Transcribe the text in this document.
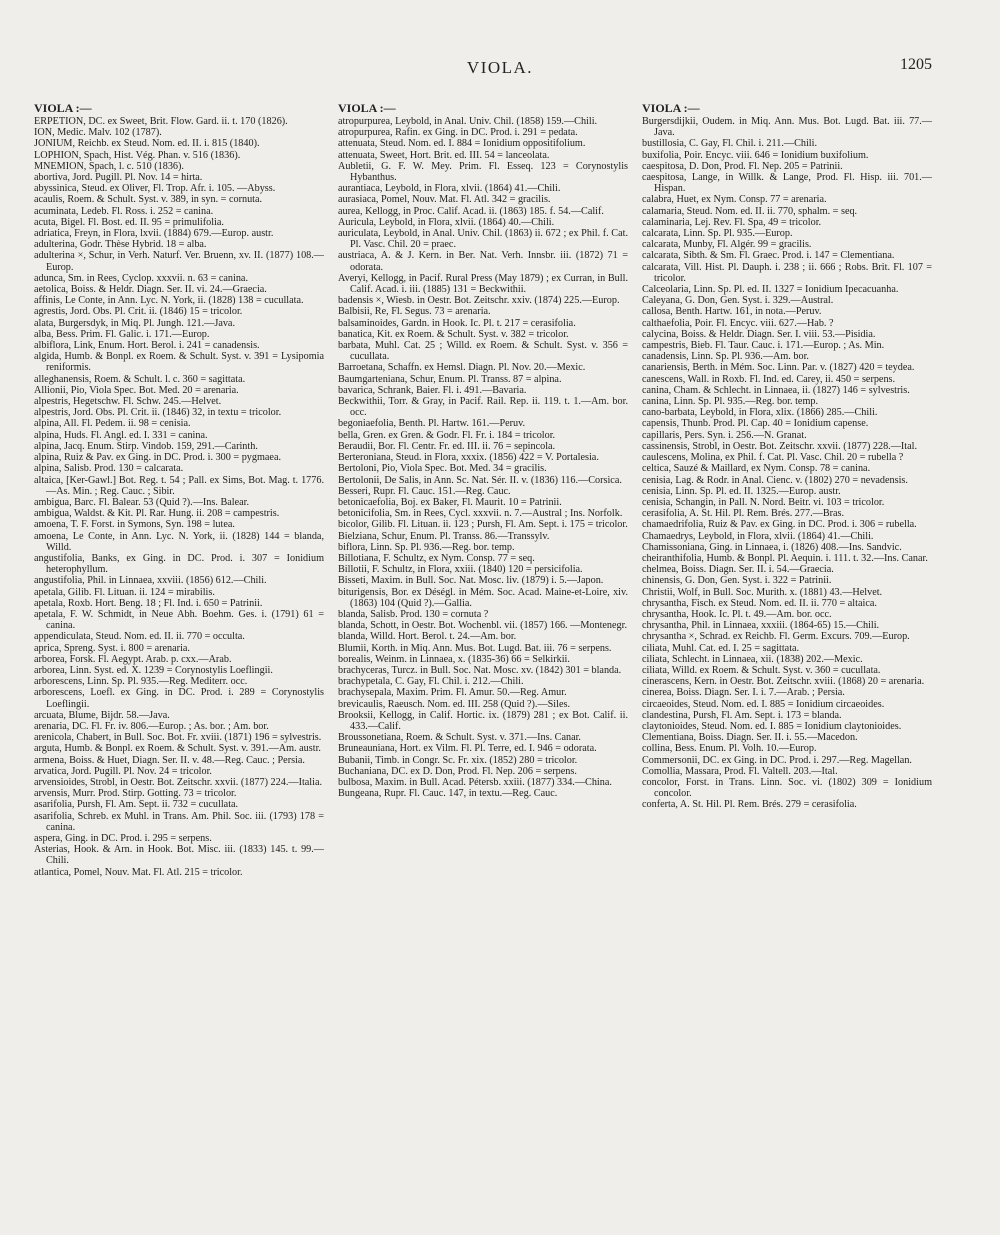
VIOLA.	1205
VIOLA :—

ERPETION, DC. ex Sweet, Brit. Flow. Gard. ii. t. 170 (1826).

ION, Medic. Malv. 102 (1787).

JONIUM, Reichb. ex Steud. Nom. ed. II. i. 815 (1840).

LOPHION, Spach, Hist. Vég. Phan. v. 516 (1836).

MNEMION, Spach, l. c. 510 (1836).

abortiva, Jord. Pugill. Pl. Nov. 14 = hirta.

abyssinica, Steud. ex Oliver, Fl. Trop. Afr. i. 105. —Abyss.

acaulis, Roem. & Schult. Syst. v. 389, in syn. = cornuta.

acuminata, Ledeb. Fl. Ross. i. 252 = canina.

acuta, Bigel. Fl. Bost. ed. II. 95 = primulifolia.

adriatica, Freyn, in Flora, lxvii. (1884) 679.—Europ. austr.

adulterina, Godr. Thèse Hybrid. 18 = alba.

adulterina ×, Schur, in Verh. Naturf. Ver. Bruenn, xv. II. (1877) 108.—Europ.

adunca, Sm. in Rees, Cyclop. xxxvii. n. 63 = canina.

aetolica, Boiss. & Heldr. Diagn. Ser. II. vi. 24.—Graecia.

affinis, Le Conte, in Ann. Lyc. N. York, ii. (1828) 138 = cucullata.

agrestis, Jord. Obs. Pl. Crit. ii. (1846) 15 = tricolor.

alata, Burgersdyk, in Miq. Pl. Jungh. 121.—Java.

alba, Bess. Prim. Fl. Galic. i. 171.—Europ.

albiflora, Link, Enum. Hort. Berol. i. 241 = canadensis.

algida, Humb. & Bonpl. ex Roem. & Schult. Syst. v. 391 = Lysipomia reniformis.

alleghanensis, Roem. & Schult. l. c. 360 = sagittata.

Allionii, Pio, Viola Spec. Bot. Med. 20 = arenaria.

alpestris, Hegetschw. Fl. Schw. 245.—Helvet.

alpestris, Jord. Obs. Pl. Crit. ii. (1846) 32, in textu = tricolor.

alpina, All. Fl. Pedem. ii. 98 = cenisia.

alpina, Huds. Fl. Angl. ed. I. 331 = canina.

alpina, Jacq. Enum. Stirp. Vindob. 159, 291.—Carinth.

alpina, Ruiz & Pav. ex Ging. in DC. Prod. i. 300 = pygmaea.

alpina, Salisb. Prod. 130 = calcarata.

altaica, [Ker-Gawl.] Bot. Reg. t. 54 ; Pall. ex Sims, Bot. Mag. t. 1776.—As. Min. ; Reg. Cauc. ; Sibir.

ambigua, Barc. Fl. Balear. 53 (Quid ?).—Ins. Balear.

ambigua, Waldst. & Kit. Pl. Rar. Hung. ii. 208 = campestris.

amoena, T. F. Forst. in Symons, Syn. 198 = lutea.

amoena, Le Conte, in Ann. Lyc. N. York, ii. (1828) 144 = blanda, Willd.

angustifolia, Banks, ex Ging. in DC. Prod. i. 307 = Ionidium heterophyllum.

angustifolia, Phil. in Linnaea, xxviii. (1856) 612.—Chili.

apetala, Gilib. Fl. Lituan. ii. 124 = mirabilis.

apetala, Roxb. Hort. Beng. 18 ; Fl. Ind. i. 650 = Patrinii.

apetala, F. W. Schmidt, in Neue Abh. Boehm. Ges. i. (1791) 61 = canina.

appendiculata, Steud. Nom. ed. II. ii. 770 = occulta.

aprica, Spreng. Syst. i. 800 = arenaria.

arborea, Forsk. Fl. Aegypt. Arab. p. cxx.—Arab.

arborea, Linn. Syst. ed. X. 1239 = Corynostylis Loeflingii.

arborescens, Linn. Sp. Pl. 935.—Reg. Mediterr. occ.

arborescens, Loefl. ex Ging. in DC. Prod. i. 289 = Corynostylis Loeflingii.

arcuata, Blume, Bijdr. 58.—Java.

arenaria, DC. Fl. Fr. iv. 806.—Europ. ; As. bor. ; Am. bor.

arenicola, Chabert, in Bull. Soc. Bot. Fr. xviii. (1871) 196 = sylvestris.

arguta, Humb. & Bonpl. ex Roem. & Schult. Syst. v. 391.—Am. austr.

armena, Boiss. & Huet, Diagn. Ser. II. v. 48.—Reg. Cauc. ; Persia.

arvatica, Jord. Pugill. Pl. Nov. 24 = tricolor.

arvensioides, Strobl, in Oestr. Bot. Zeitschr. xxvii. (1877) 224.—Italia.

arvensis, Murr. Prod. Stirp. Gotting. 73 = tricolor.

asarifolia, Pursh, Fl. Am. Sept. ii. 732 = cucullata.

asarifolia, Schreb. ex Muhl. in Trans. Am. Phil. Soc. iii. (1793) 178 = canina.

aspera, Ging. in DC. Prod. i. 295 = serpens.

Asterias, Hook. & Arn. in Hook. Bot. Misc. iii. (1833) 145. t. 99.—Chili.

atlantica, Pomel, Nouv. Mat. Fl. Atl. 215 = tricolor.

VIOLA :—

atropurpurea, Leybold, in Anal. Univ. Chil. (1858) 159.—Chili.

atropurpurea, Rafin. ex Ging. in DC. Prod. i. 291 = pedata.

attenuata, Steud. Nom. ed. I. 884 = Ionidium oppositifolium.

attenuata, Sweet, Hort. Brit. ed. III. 54 = lanceolata.

Aubletii, G. F. W. Mey. Prim. Fl. Esseq. 123 = Corynostylis Hybanthus.

aurantiaca, Leybold, in Flora, xlvii. (1864) 41.—Chili.

aurasiaca, Pomel, Nouv. Mat. Fl. Atl. 342 = gracilis.

aurea, Kellogg, in Proc. Calif. Acad. ii. (1863) 185. f. 54.—Calif.

Auricula, Leybold, in Flora, xlvii. (1864) 40.—Chili.

auriculata, Leybold, in Anal. Univ. Chil. (1863) ii. 672 ; ex Phil. f. Cat. Pl. Vasc. Chil. 20 = praec.

austriaca, A. & J. Kern. in Ber. Nat. Verh. Innsbr. iii. (1872) 71 = odorata.

Averyi, Kellogg, in Pacif. Rural Press (May 1879) ; ex Curran, in Bull. Calif. Acad. i. iii. (1885) 131 = Beckwithii.

badensis ×, Wiesb. in Oestr. Bot. Zeitschr. xxiv. (1874) 225.—Europ.

Balbisii, Re, Fl. Segus. 73 = arenaria.

balsaminoides, Gardn. in Hook. Ic. Pl. t. 217 = cerasifolia.

banatica, Kit. ex Roem. & Schult. Syst. v. 382 = tricolor.

barbata, Muhl. Cat. 25 ; Willd. ex Roem. & Schult. Syst. v. 356 = cucullata.

Barroetana, Schaffn. ex Hemsl. Diagn. Pl. Nov. 20.—Mexic.

Baumgarteniana, Schur, Enum. Pl. Transs. 87 = alpina.

bavarica, Schrank, Baier. Fl. i. 491.—Bavaria.

Beckwithii, Torr. & Gray, in Pacif. Rail. Rep. ii. 119. t. 1.—Am. bor. occ.

begoniaefolia, Benth. Pl. Hartw. 161.—Peruv.

bella, Gren. ex Gren. & Godr. Fl. Fr. i. 184 = tricolor.

Beraudii, Bor. Fl. Centr. Fr. ed. III. ii. 76 = sepincola.

Berteroniana, Steud. in Flora, xxxix. (1856) 422 = V. Portalesia.

Bertoloni, Pio, Viola Spec. Bot. Med. 34 = gracilis.

Bertolonii, De Salis, in Ann. Sc. Nat. Sér. II. v. (1836) 116.—Corsica.

Besseri, Rupr. Fl. Cauc. 151.—Reg. Cauc.

betonicaefolia, Boj. ex Baker, Fl. Maurit. 10 = Patrinii.

betonicifolia, Sm. in Rees, Cycl. xxxvii. n. 7.—Austral ; Ins. Norfolk.

bicolor, Gilib. Fl. Lituan. ii. 123 ; Pursh, Fl. Am. Sept. i. 175 = tricolor.

Bielziana, Schur, Enum. Pl. Transs. 86.—Transsylv.

biflora, Linn. Sp. Pl. 936.—Reg. bor. temp.

Billotiana, F. Schultz, ex Nym. Consp. 77 = seq.

Billotii, F. Schultz, in Flora, xxiii. (1840) 120 = persicifolia.

Bisseti, Maxim. in Bull. Soc. Nat. Mosc. liv. (1879) i. 5.—Japon.

biturigensis, Bor. ex Déségl. in Mém. Soc. Acad. Maine-et-Loire, xiv. (1863) 104 (Quid ?).—Gallia.

blanda, Salisb. Prod. 130 = cornuta ?

blanda, Schott, in Oestr. Bot. Wochenbl. vii. (1857) 166. —Montenegr.

blanda, Willd. Hort. Berol. t. 24.—Am. bor.

Blumii, Korth. in Miq. Ann. Mus. Bot. Lugd. Bat. iii. 76 = serpens.

borealis, Weinm. in Linnaea, x. (1835-36) 66 = Selkirkii.

brachyceras, Turcz. in Bull. Soc. Nat. Mosc. xv. (1842) 301 = blanda.

brachypetala, C. Gay, Fl. Chil. i. 212.—Chili.

brachysepala, Maxim. Prim. Fl. Amur. 50.—Reg. Amur.

brevicaulis, Raeusch. Nom. ed. III. 258 (Quid ?).—Siles.

Brooksii, Kellogg, in Calif. Hortic. ix. (1879) 281 ; ex Bot. Calif. ii. 433.—Calif.

Broussonetiana, Roem. & Schult. Syst. v. 371.—Ins. Canar.

Bruneauniana, Hort. ex Vilm. Fl. Pl. Terre, ed. I. 946 = odorata.

Bubanii, Timb. in Congr. Sc. Fr. xix. (1852) 280 = tricolor.

Buchaniana, DC. ex D. Don, Prod. Fl. Nep. 206 = serpens.

bulbosa, Maxim. in Bull. Acad. Pétersb. xxiii. (1877) 334.—China.

Bungeana, Rupr. Fl. Cauc. 147, in textu.—Reg. Cauc.

VIOLA :—

Burgersdijkii, Oudem. in Miq. Ann. Mus. Bot. Lugd. Bat. iii. 77.—Java.

bustillosia, C. Gay, Fl. Chil. i. 211.—Chili.

buxifolia, Poir. Encyc. viii. 646 = Ionidium buxifolium.

caespitosa, D. Don, Prod. Fl. Nep. 205 = Patrinii.

caespitosa, Lange, in Willk. & Lange, Prod. Fl. Hisp. iii. 701.—Hispan.

calabra, Huet, ex Nym. Consp. 77 = arenaria.

calamaria, Steud. Nom. ed. II. ii. 770, sphalm. = seq.

calaminaria, Lej. Rev. Fl. Spa, 49 = tricolor.

calcarata, Linn. Sp. Pl. 935.—Europ.

calcarata, Munby, Fl. Algér. 99 = gracilis.

calcarata, Sibth. & Sm. Fl. Graec. Prod. i. 147 = Clementiana.

calcarata, Vill. Hist. Pl. Dauph. i. 238 ; ii. 666 ; Robs. Brit. Fl. 107 = tricolor.

Calceolaria, Linn. Sp. Pl. ed. II. 1327 = Ionidium Ipecacuanha.

Caleyana, G. Don, Gen. Syst. i. 329.—Austral.

callosa, Benth. Hartw. 161, in nota.—Peruv.

calthaefolia, Poir. Fl. Encyc. viii. 627.—Hab. ?

calycina, Boiss. & Heldr. Diagn. Ser. I. viii. 53.—Pisidia.

campestris, Bieb. Fl. Taur. Cauc. i. 171.—Europ. ; As. Min.

canadensis, Linn. Sp. Pl. 936.—Am. bor.

canariensis, Berth. in Mém. Soc. Linn. Par. v. (1827) 420 = teydea.

canescens, Wall. in Roxb. Fl. Ind. ed. Carey, ii. 450 = serpens.

canina, Cham. & Schlecht. in Linnaea, ii. (1827) 146 = sylvestris.

canina, Linn. Sp. Pl. 935.—Reg. bor. temp.

cano-barbata, Leybold, in Flora, xlix. (1866) 285.—Chili.

capensis, Thunb. Prod. Pl. Cap. 40 = Ionidium capense.

capillaris, Pers. Syn. i. 256.—N. Granat.

cassinensis, Strobl, in Oestr. Bot. Zeitschr. xxvii. (1877) 228.—Ital.

caulescens, Molina, ex Phil. f. Cat. Pl. Vasc. Chil. 20 = rubella ?

celtica, Sauzé & Maillard, ex Nym. Consp. 78 = canina.

cenisia, Lag. & Rodr. in Anal. Cienc. v. (1802) 270 = nevadensis.

cenisia, Linn. Sp. Pl. ed. II. 1325.—Europ. austr.

cenisia, Schangin, in Pall. N. Nord. Beitr. vi. 103 = tricolor.

cerasifolia, A. St. Hil. Pl. Rem. Brés. 277.—Bras.

chamaedrifolia, Ruiz & Pav. ex Ging. in DC. Prod. i. 306 = rubella.

Chamaedrys, Leybold, in Flora, xlvii. (1864) 41.—Chili.

Chamissoniana, Ging. in Linnaea, i. (1826) 408.—Ins. Sandvic.

cheiranthifolia, Humb. & Bonpl. Pl. Aequin. i. 111. t. 32.—Ins. Canar.

chelmea, Boiss. Diagn. Ser. II. i. 54.—Graecia.

chinensis, G. Don, Gen. Syst. i. 322 = Patrinii.

Christii, Wolf, in Bull. Soc. Murith. x. (1881) 43.—Helvet.

chrysantha, Fisch. ex Steud. Nom. ed. II. ii. 770 = altaica.

chrysantha, Hook. Ic. Pl. t. 49.—Am. bor. occ.

chrysantha, Phil. in Linnaea, xxxiii. (1864-65) 15.—Chili.

chrysantha ×, Schrad. ex Reichb. Fl. Germ. Excurs. 709.—Europ.

ciliata, Muhl. Cat. ed. I. 25 = sagittata.

ciliata, Schlecht. in Linnaea, xii. (1838) 202.—Mexic.

ciliata, Willd. ex Roem. & Schult. Syst. v. 360 = cucullata.

cinerascens, Kern. in Oestr. Bot. Zeitschr. xviii. (1868) 20 = arenaria.

cinerea, Boiss. Diagn. Ser. I. i. 7.—Arab. ; Persia.

circaeoides, Steud. Nom. ed. I. 885 = Ionidium circaeoides.

clandestina, Pursh, Fl. Am. Sept. i. 173 = blanda.

claytonioides, Steud. Nom. ed. I. 885 = Ionidium claytonioides.

Clementiana, Boiss. Diagn. Ser. II. i. 55.—Macedon.

collina, Bess. Enum. Pl. Volh. 10.—Europ.

Commersonii, DC. ex Ging. in DC. Prod. i. 297.—Reg. Magellan.

Comollia, Massara, Prod. Fl. Valtell. 203.—Ital.

concolor, Forst. in Trans. Linn. Soc. vi. (1802) 309 = Ionidium concolor.

conferta, A. St. Hil. Pl. Rem. Brés. 279 = cerasifolia.
